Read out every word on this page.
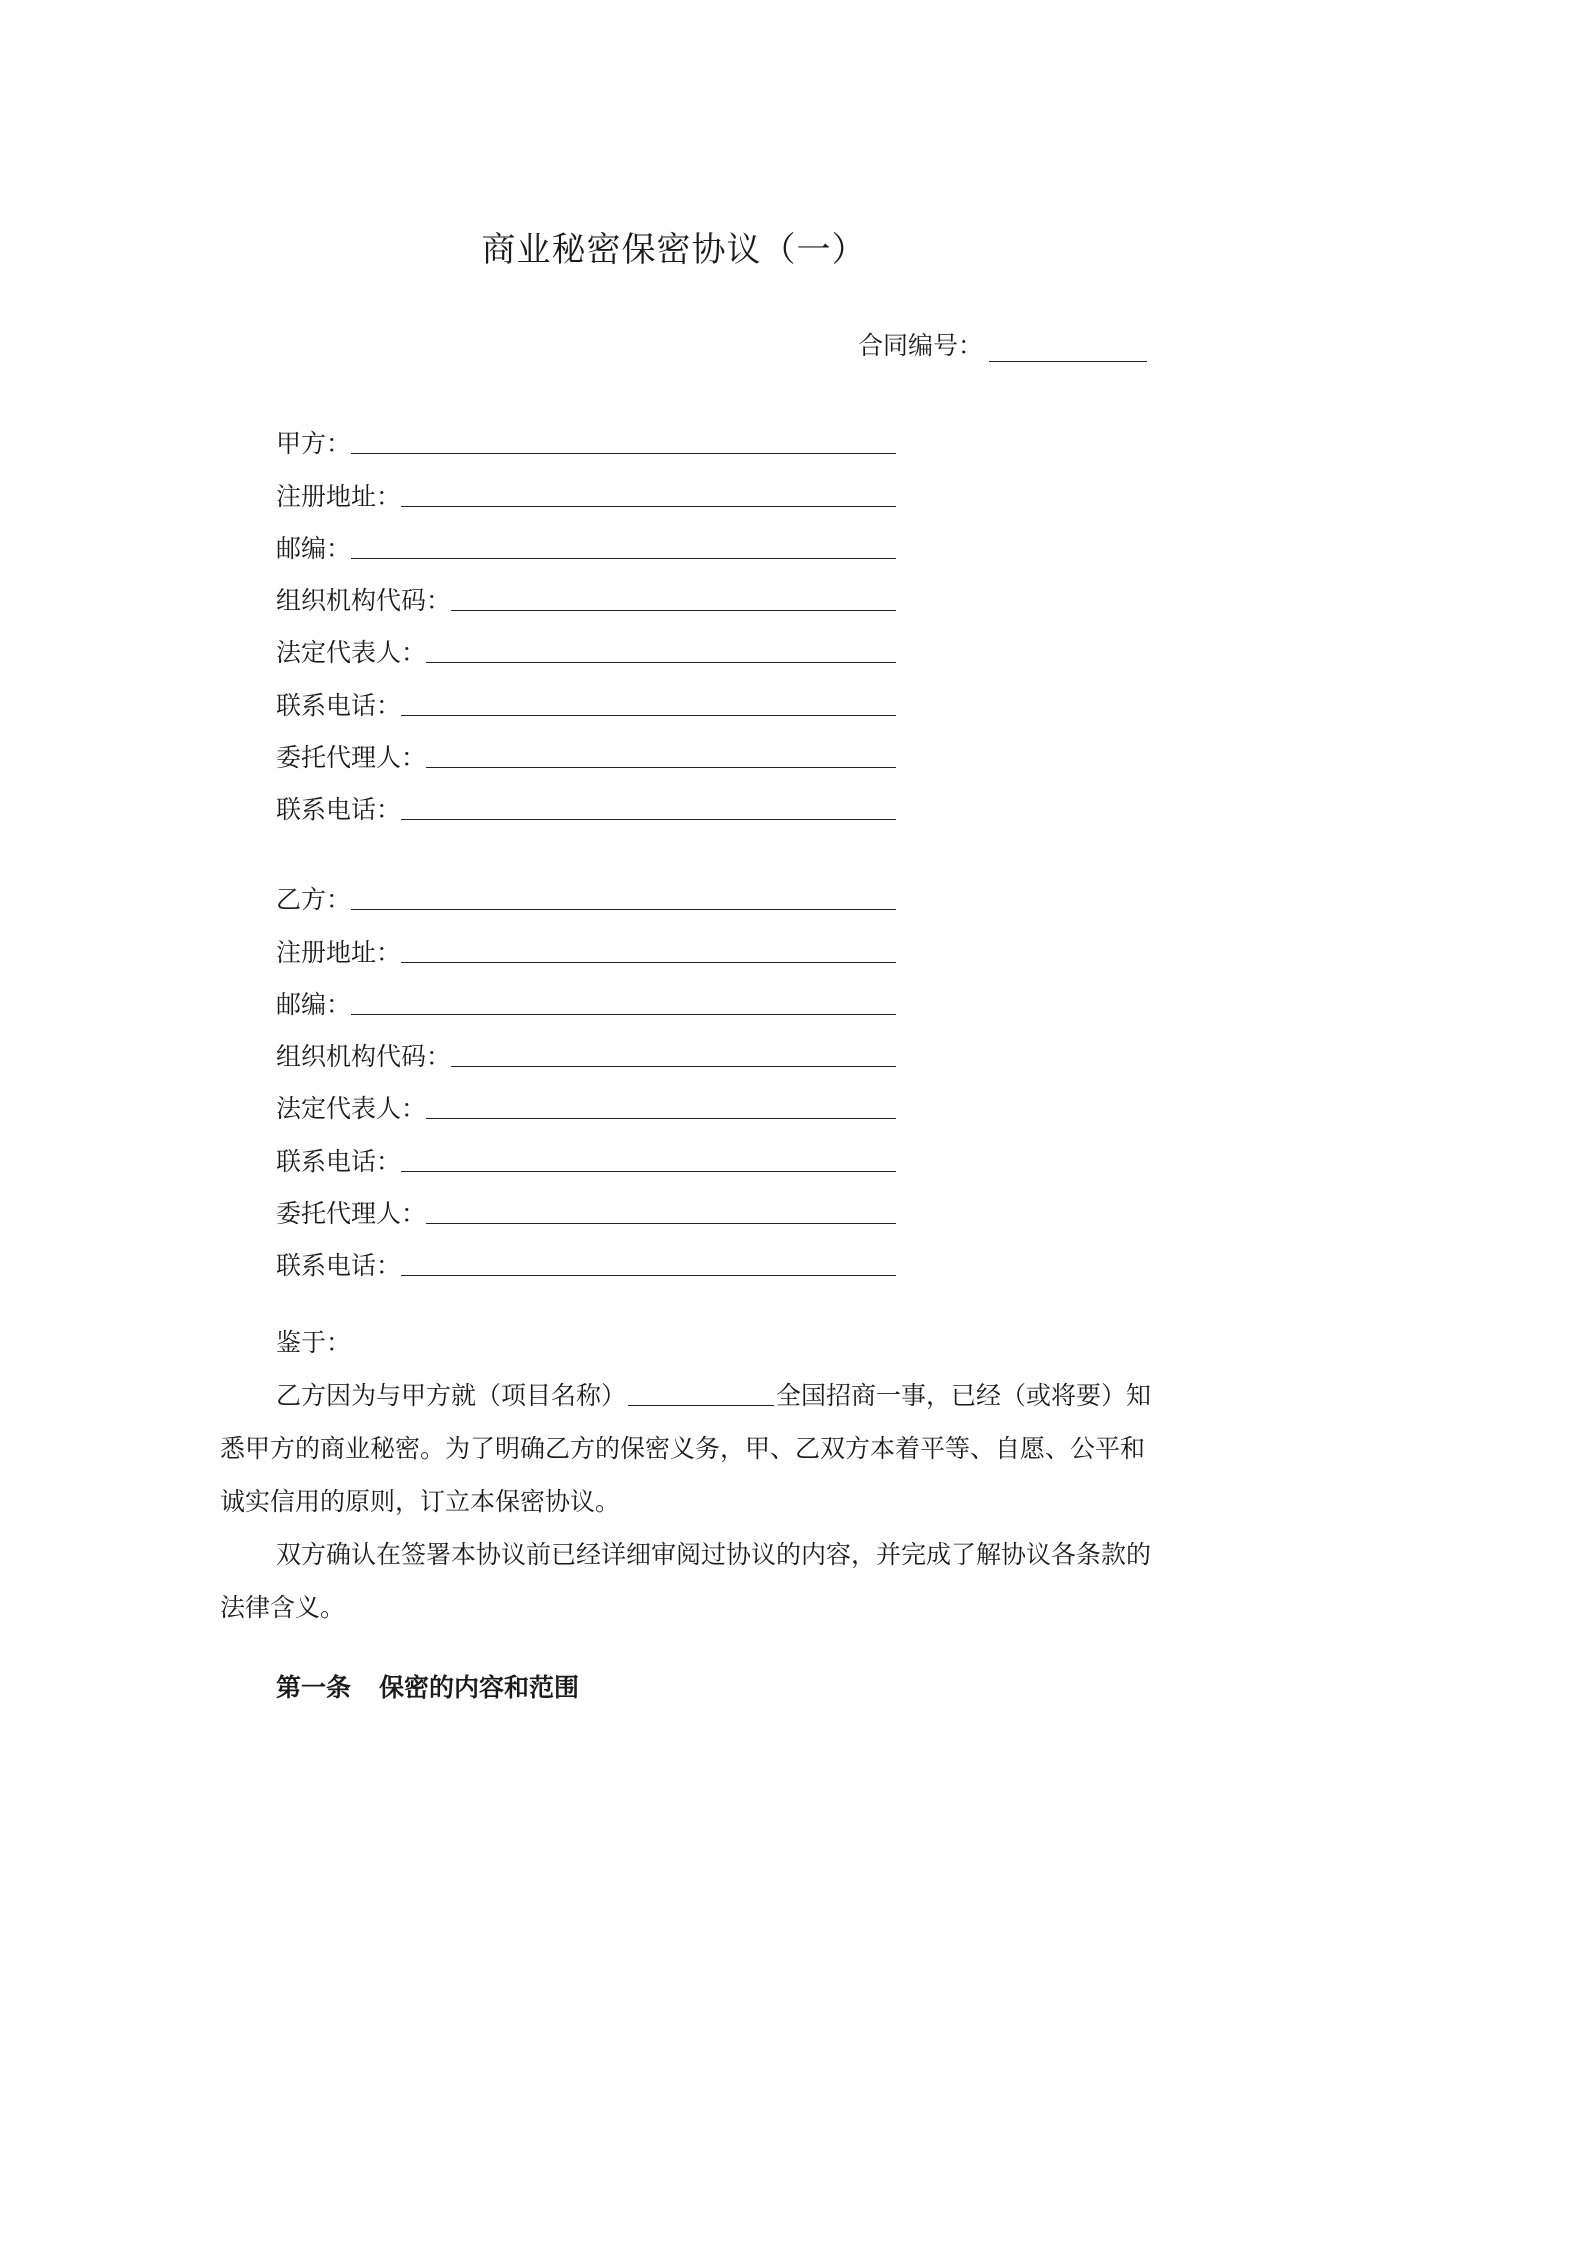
商业秘密保密协议（一）
合同编号：
甲方：
注册地址：
邮编：
组织机构代码：
法定代表人：
联系电话：
委托代理人：
联系电话：
乙方：
注册地址：
邮编：
组织机构代码：
法定代表人：
联系电话：
委托代理人：
联系电话：

鉴于：

乙方因为与甲方就（项目名称）	全国招商一事，已经（或将要）知悉甲方的商业秘密。为了明确乙方的保密义务，甲、乙双方本着平等、自愿、公平和诚实信用的原则，订立本保密协议。

双方确认在签署本协议前已经详细审阅过协议的内容，并完成了解协议各条款的法律含义。

第一条 保密的内容和范围
